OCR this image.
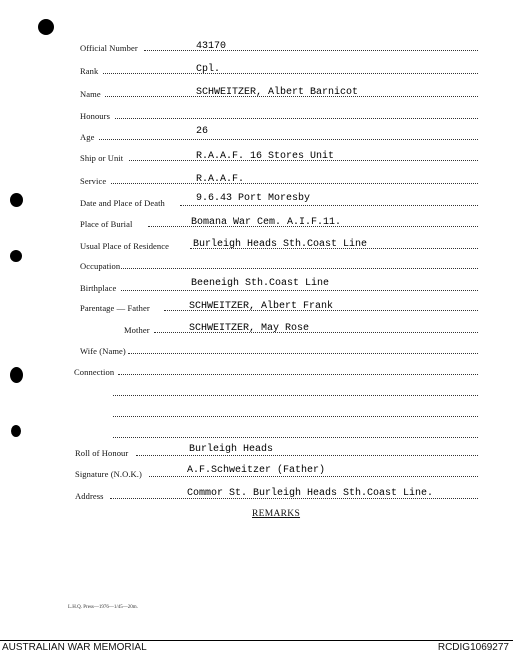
Official Number	43170
Rank	Cpl.
Name	SCHWEITZER, Albert Barnicot
Honours
Age	26
Ship or Unit	R.A.A.F. 16 Stores Unit
Service	R.A.A.F.
Date and Place of Death	9.6.43 Port Moresby
Place of Burial	Bomana War Cem. A.I.F.11.
Usual Place of Residence Burleigh Heads Sth.Coast Line
Occupation
Birthplace	Beeneigh Sth.Coast Line
Parentage — Father	SCHWEITZER, Albert Frank
Mother	SCHWEITZER, May Rose
Wife (Name)
Connection
Roll of Honour	Burleigh Heads
Signature (N.O.K.)	A.F.Schweitzer (Father)
Address	Commor St. Burleigh Heads Sth.Coast Line.
REMARKS
L.H.Q. Press—1976—1/45—20m.
AUSTRALIAN WAR MEMORIAL	RCDIG1069277
